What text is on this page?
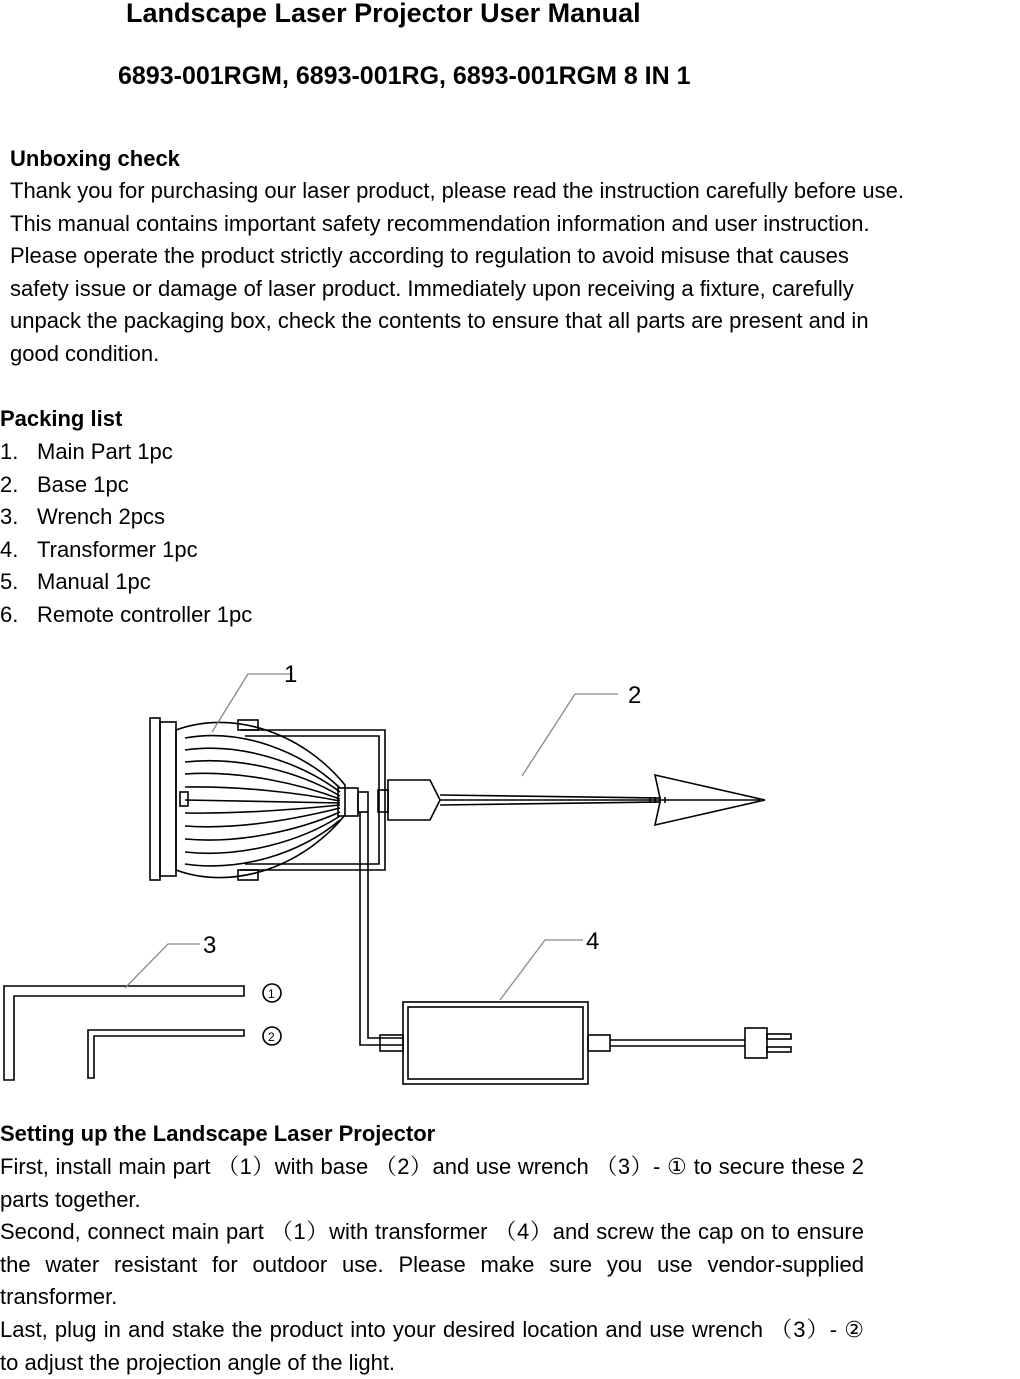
Landscape Laser Projector User Manual
6893-001RGM, 6893-001RG, 6893-001RGM 8 IN 1
Unboxing check
Thank you for purchasing our laser product, please read the instruction carefully before use.
This manual contains important safety recommendation information and user instruction.
Please operate the product strictly according to regulation to avoid misuse that causes
safety issue or damage of laser product. Immediately upon receiving a fixture, carefully
unpack the packaging box, check the contents to ensure that all parts are present and in
good condition.
Packing list
1. Main Part 1pc
2. Base 1pc
3. Wrench 2pcs
4. Transformer 1pc
5. Manual 1pc
6. Remote controller 1pc
1
2
3	4
1
2
Setting up the Landscape Laser Projector
First, install main part （1）with base （2）and use wrench （3）- ① to secure these 2 parts together.
Second, connect main part （1）with transformer （4）and screw the cap on to ensure the water resistant for outdoor use. Please make sure you use vendor-supplied transformer.
Last, plug in and stake the product into your desired location and use wrench （3）- ② to adjust the projection angle of the light.
